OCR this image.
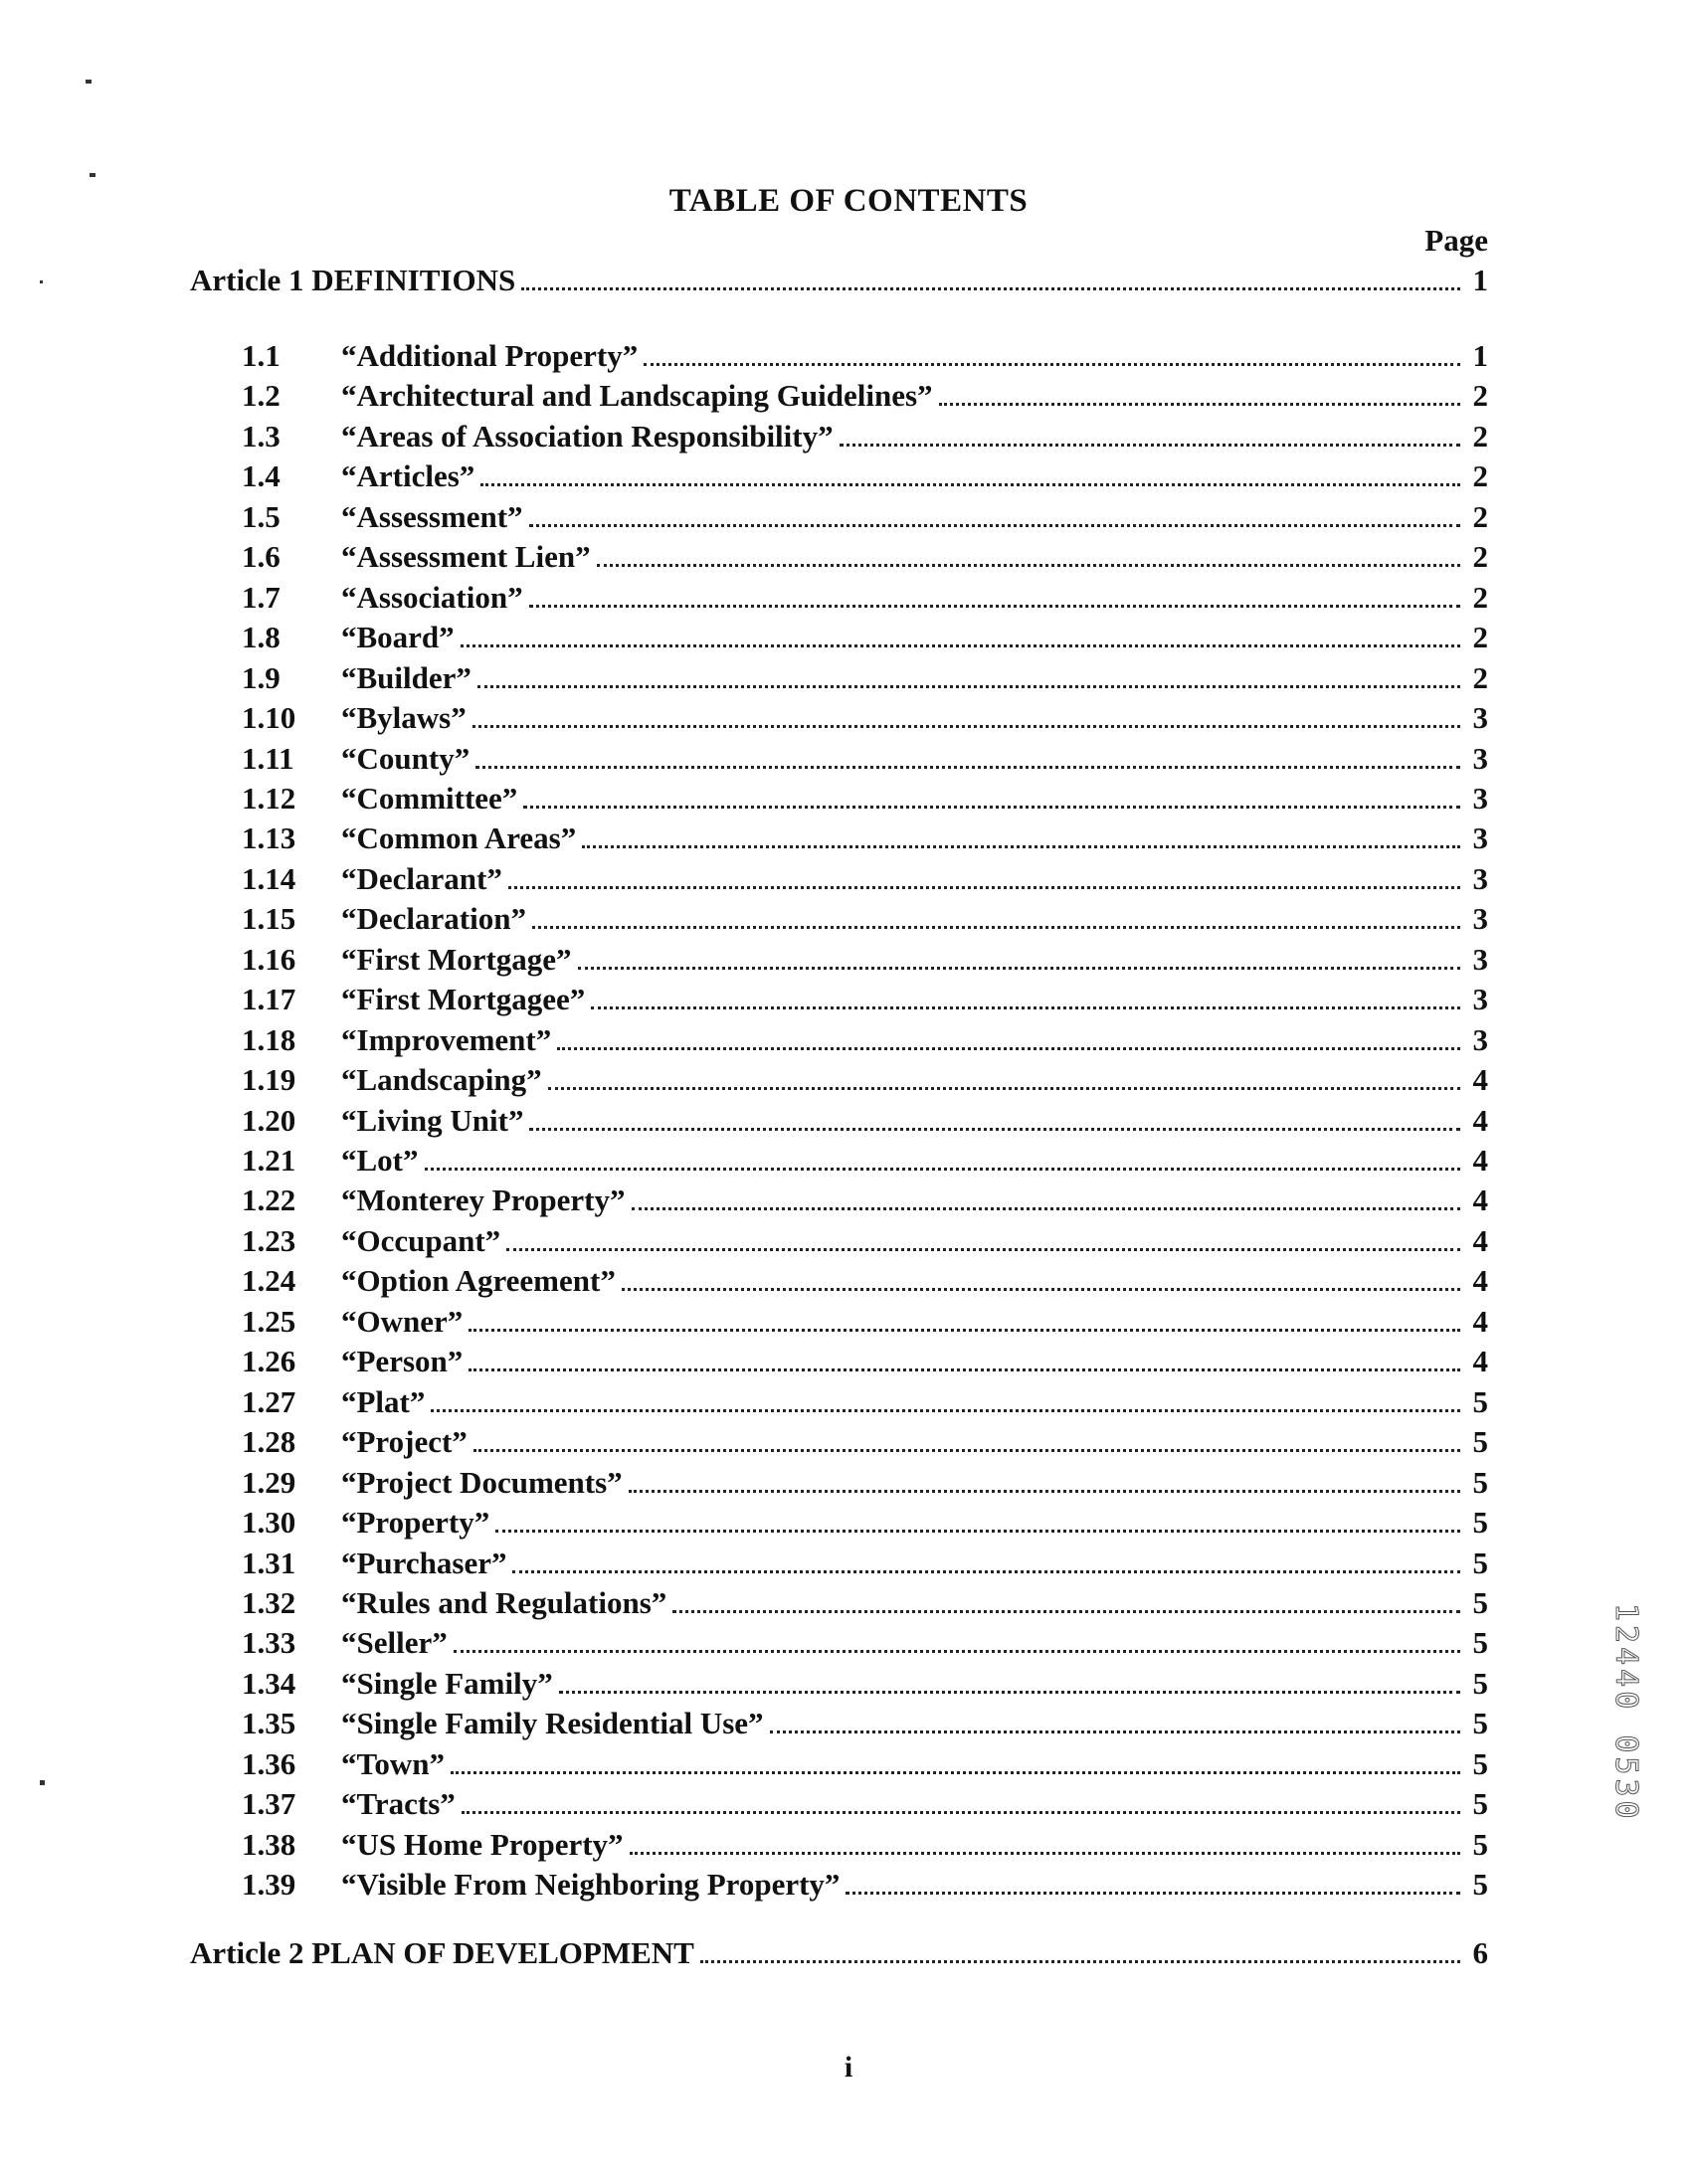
TABLE OF CONTENTS
Page
Article 1 DEFINITIONS	1
1.1	“Additional Property”	1
1.2	“Architectural and Landscaping Guidelines”	2
1.3	“Areas of Association Responsibility”	2
1.4	“Articles”	2
1.5	“Assessment”	2
1.6	“Assessment Lien”	2
1.7	“Association”	2
1.8	“Board”	2
1.9	“Builder”	2
1.10	“Bylaws”	3
1.11	“County”	3
1.12	“Committee”	3
1.13	“Common Areas”	3
1.14	“Declarant”	3
1.15	“Declaration”	3
1.16	“First Mortgage”	3
1.17	“First Mortgagee”	3
1.18	“Improvement”	3
1.19	“Landscaping”	4
1.20	“Living Unit”	4
1.21	“Lot”	4
1.22	“Monterey Property”	4
1.23	“Occupant”	4
1.24	“Option Agreement”	4
1.25	“Owner”	4
1.26	“Person”	4
1.27	“Plat”	5
1.28	“Project”	5
1.29	“Project Documents”	5
1.30	“Property”	5
1.31	“Purchaser”	5
1.32	“Rules and Regulations”	5
1.33	“Seller”	5
1.34	“Single Family”	5
1.35	“Single Family Residential Use”	5
1.36	“Town”	5
1.37	“Tracts”	5
1.38	“US Home Property”	5
1.39	“Visible From Neighboring Property”	5
Article 2 PLAN OF DEVELOPMENT	6
i
12440 0530
